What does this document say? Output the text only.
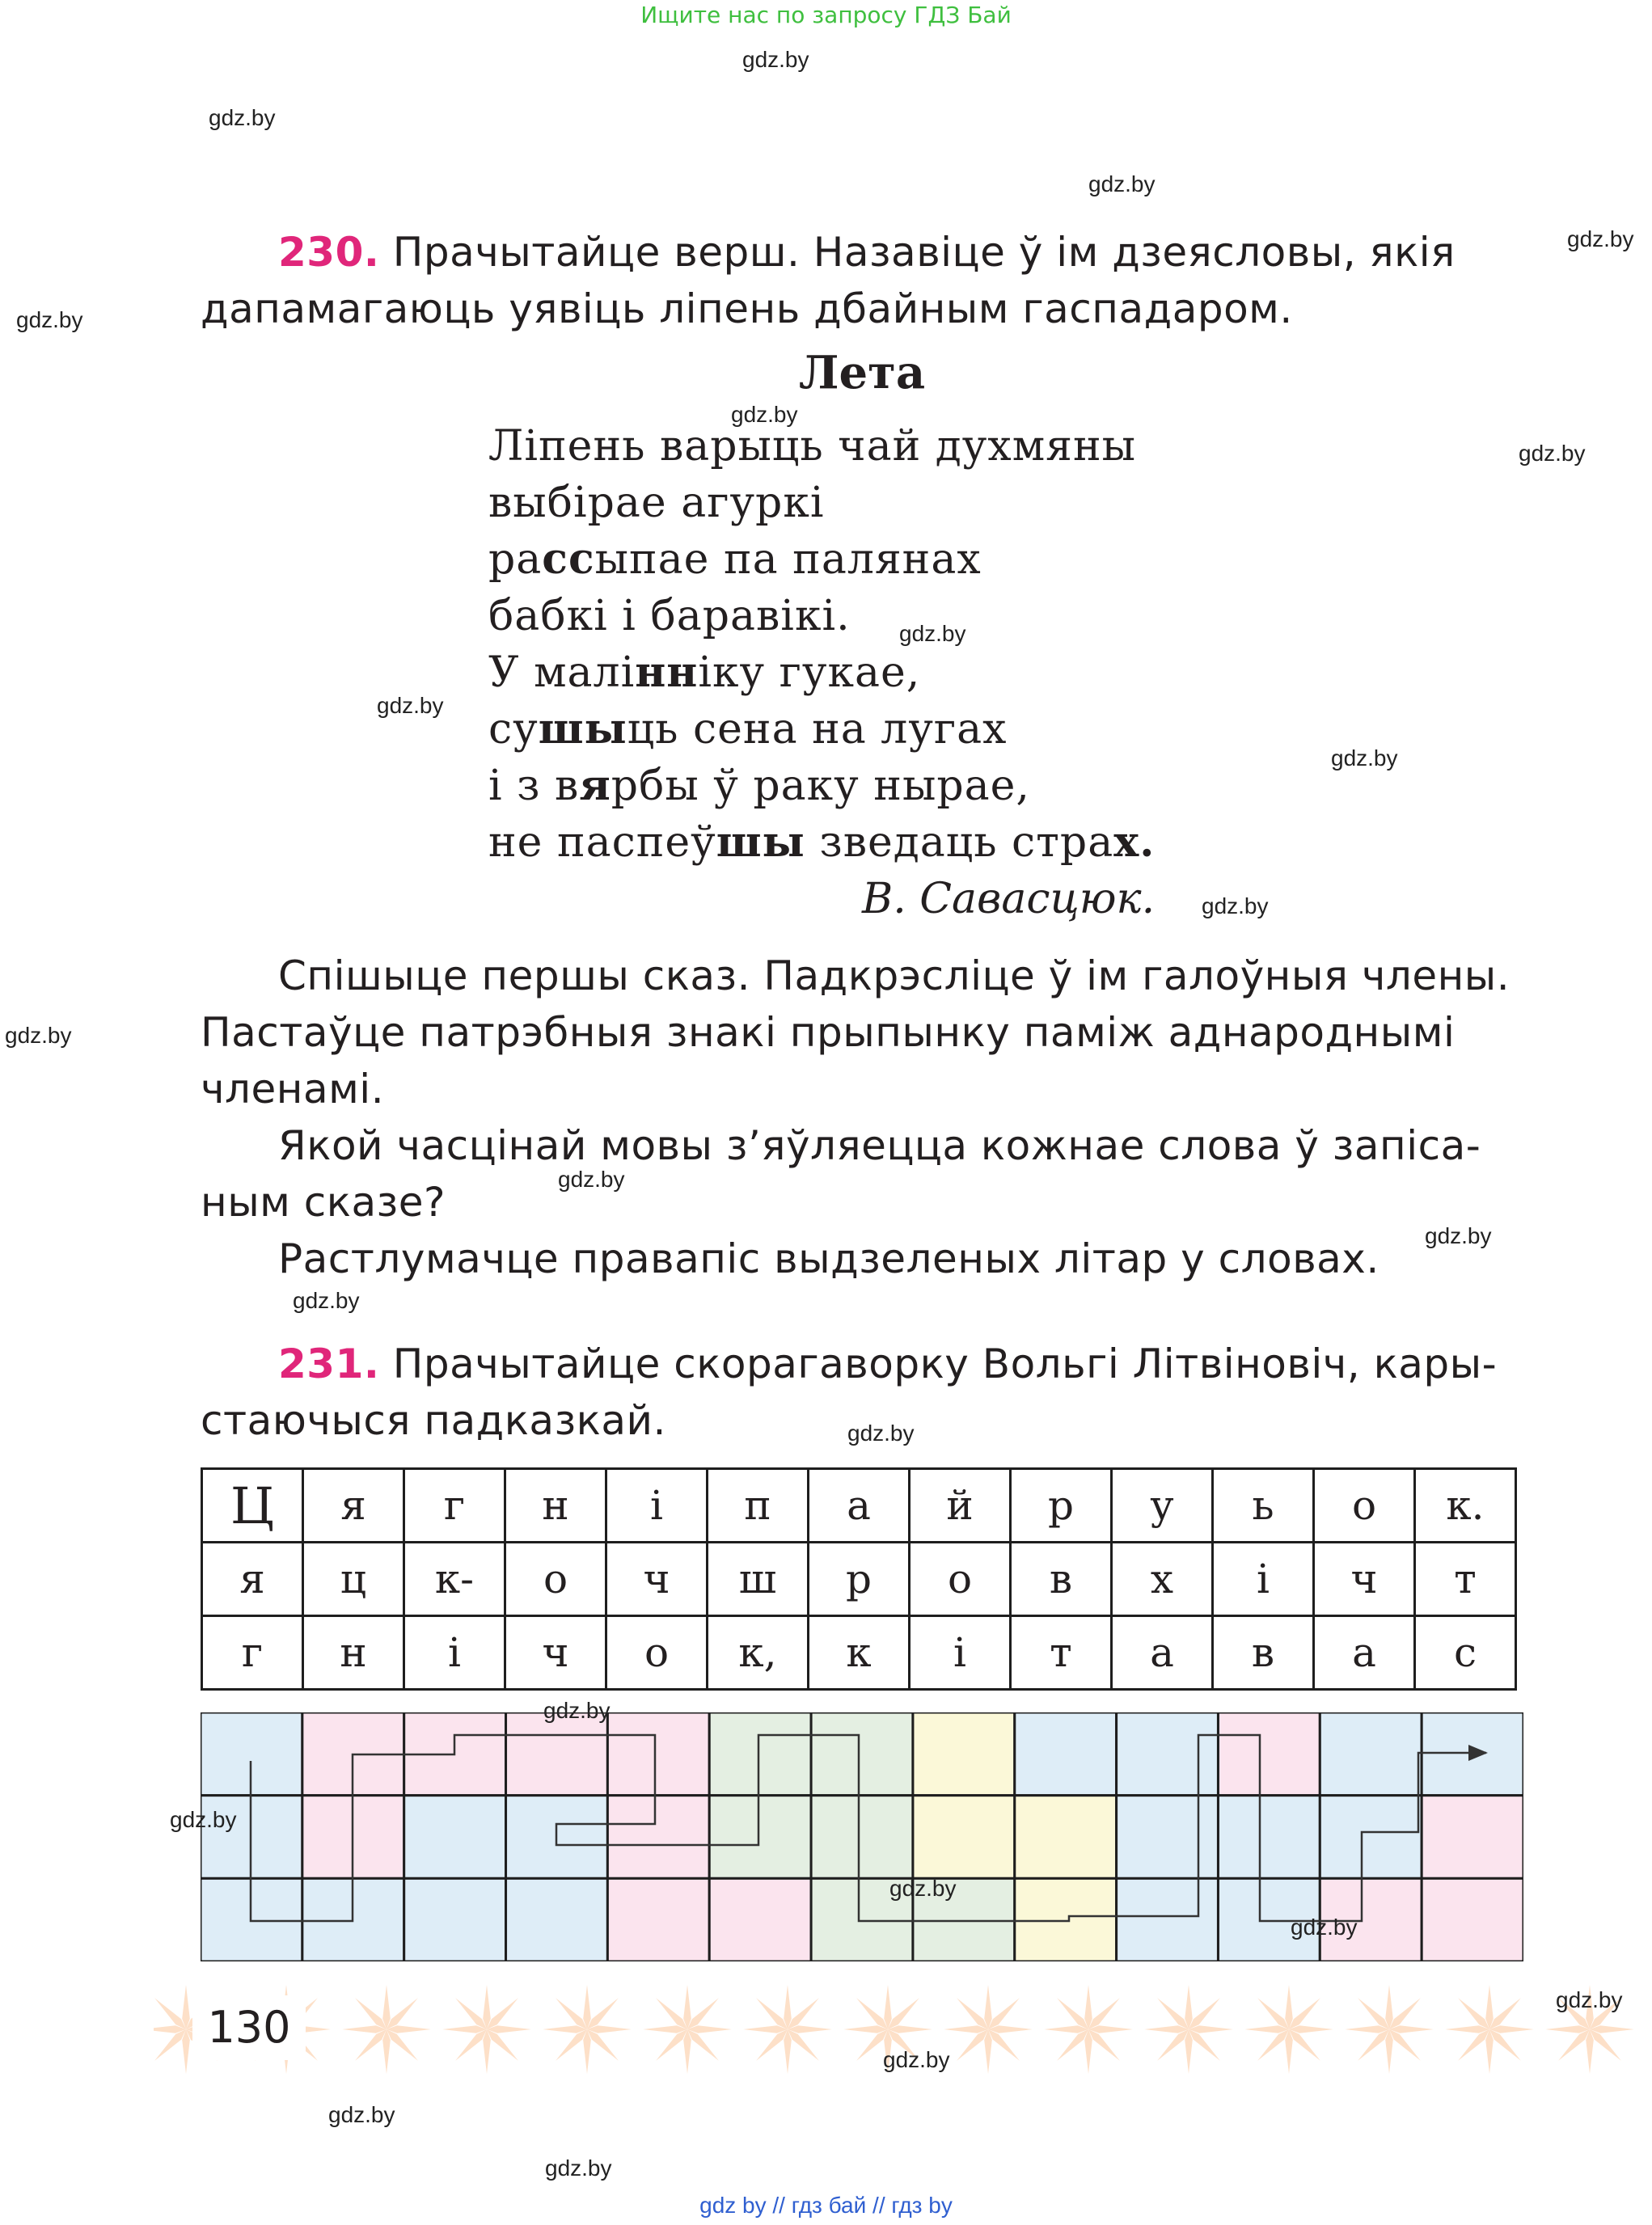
Ищите нас по запросу ГДЗ Бай
gdz.by
gdz.by
gdz.by
gdz.by
gdz.by
gdz.by
gdz.by
gdz.by
gdz.by
gdz.by
gdz.by
gdz.by
gdz.by
gdz.by
gdz.by
gdz.by
230. Прачытайце верш. Назавіце ў ім дзеясловы, якія
дапамагаюць уявіць ліпень дбайным гаспадаром.
Лета
Ліпень варыць чай духмяны
выбірае агуркі
рассыпае па палянах
бабкі і баравікі.
У малінніку гукае,
сушыць сена на лугах
і з вярбы ў раку нырае,
не паспеўшы зведаць страх.
В. Савасцюк.
Спішыце першы сказ. Падкрэсліце ў ім галоўныя члены.
Пастаўце патрэбныя знакі прыпынку паміж аднароднымі
членамі.
Якой часцінай мовы з’яўляецца кожнае слова ў запіса-
ным сказе?
Растлумачце правапіс выдзеленых літар у словах.
231. Прачытайце скорагаворку Вольгі Літвіновіч, кары-
стаючыся падказкай.
Ц	я	г	н	і	п	а	й	р	у	ь	о	к.
я	ц	к-	о	ч	ш	р	о	в	х	і	ч	т
г	н	і	ч	о	к,	к	і	т	а	в	а	с
gdz.by
gdz.by
gdz.by
gdz.by
130
gdz.by
gdz.by
gdz.by
gdz.by
gdz by // гдз бай // гдз by
